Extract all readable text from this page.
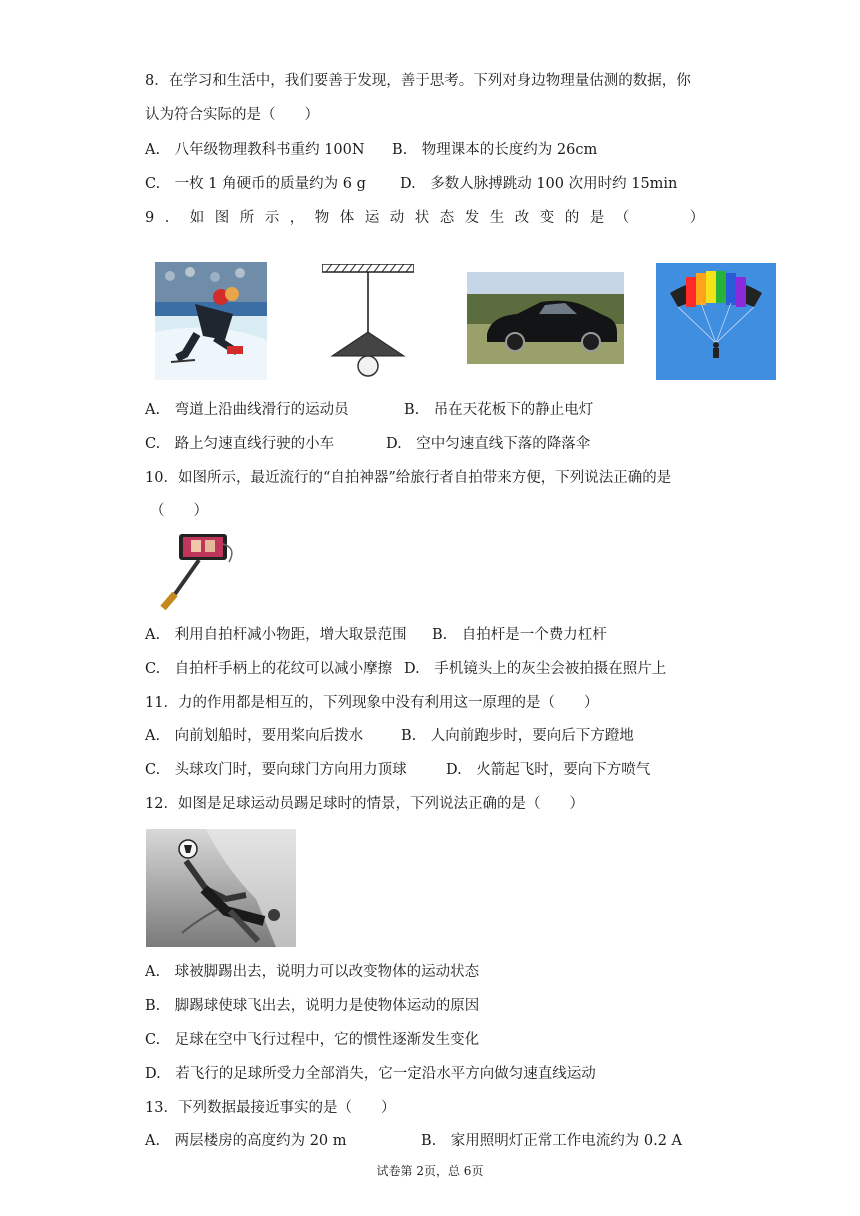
8．在学习和生活中，我们要善于发现，善于思考。下列对身边物理量估测的数据，你
认为符合实际的是（　　）
A.　八年级物理教科书重约 100N B.　物理课本的长度约为 26cm
C.　一枚 1 角硬币的质量约为 6 g D.　多数人脉搏跳动 100 次用时约 15min
9．如图所示，物体运动状态发生改变的是（　　）
A.　弯道上沿曲线滑行的运动员	B.　吊在天花板下的静止电灯
C.　路上匀速直线行驶的小车	D.　空中匀速直线下落的降落伞
10．如图所示，最近流行的“自拍神器”给旅行者自拍带来方便，下列说法正确的是
（　　）
A.　利用自拍杆减小物距，增大取景范围 B.　自拍杆是一个费力杠杆
C.　自拍杆手柄上的花纹可以减小摩擦 D.　手机镜头上的灰尘会被拍摄在照片上
11．力的作用都是相互的，下列现象中没有利用这一原理的是（　　）
A.　向前划船时，要用桨向后拨水	B.　人向前跑步时，要向后下方蹬地
C.　头球攻门时，要向球门方向用力顶球	D.　火箭起飞时，要向下方喷气
12．如图是足球运动员踢足球时的情景，下列说法正确的是（　　）
A.　球被脚踢出去，说明力可以改变物体的运动状态
B.　脚踢球使球飞出去，说明力是使物体运动的原因
C.　足球在空中飞行过程中，它的惯性逐渐发生变化
D.　若飞行的足球所受力全部消失，它一定沿水平方向做匀速直线运动
13．下列数据最接近事实的是（　　）
A.　两层楼房的高度约为 20 m	B.　家用照明灯正常工作电流约为 0.2 A
试卷第 2页，总 6页
